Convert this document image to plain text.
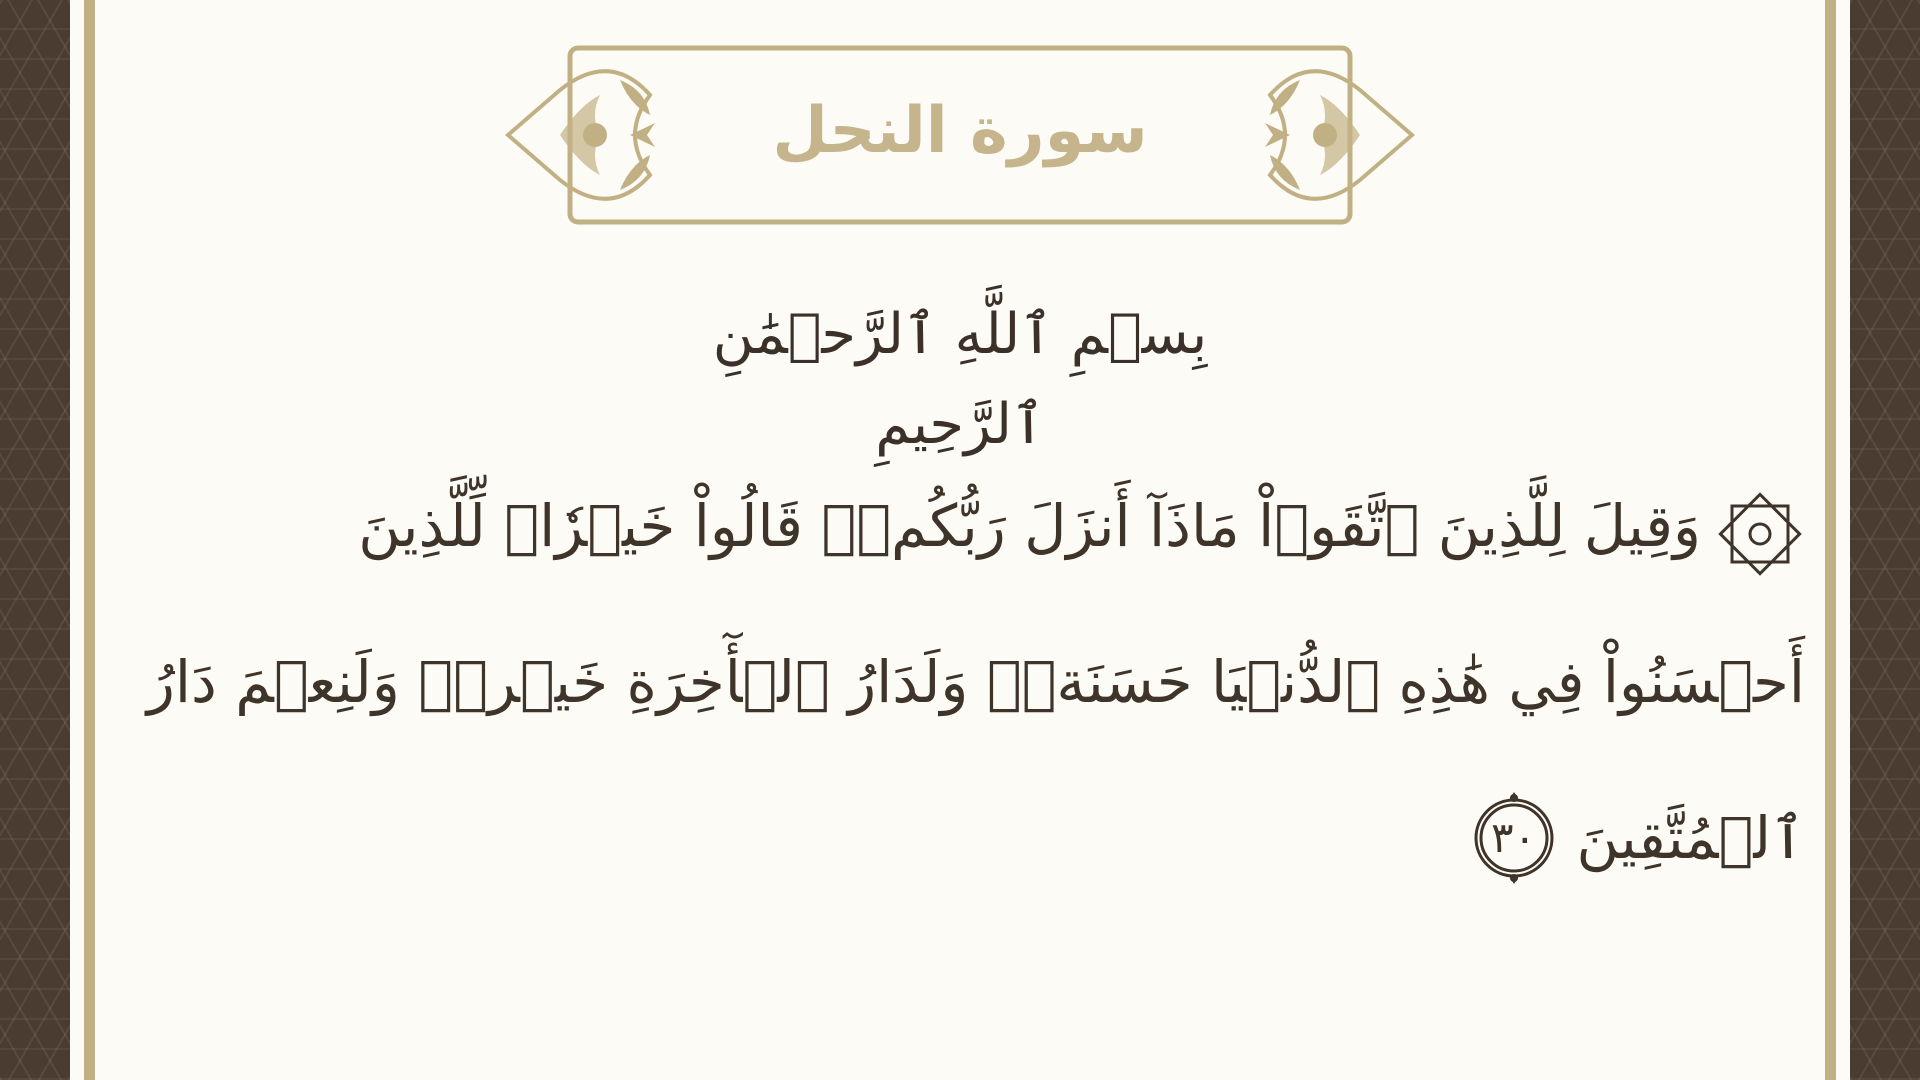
سورة النحل
بِسۡمِ ٱللَّهِ ٱلرَّحۡمَٰنِ ٱلرَّحِيمِ
وَقِيلَ لِلَّذِينَ ٱتَّقَوۡاْ مَاذَآ أَنزَلَ رَبُّكُمۡۚ قَالُواْ خَيۡرٗاۗ لِّلَّذِينَ
أَحۡسَنُواْ فِي هَٰذِهِ ٱلدُّنۡيَا حَسَنَةٞۚ وَلَدَارُ ٱلۡأٓخِرَةِ خَيۡرٞۚ وَلَنِعۡمَ دَارُ
ٱلۡمُتَّقِينَ
٣٠
